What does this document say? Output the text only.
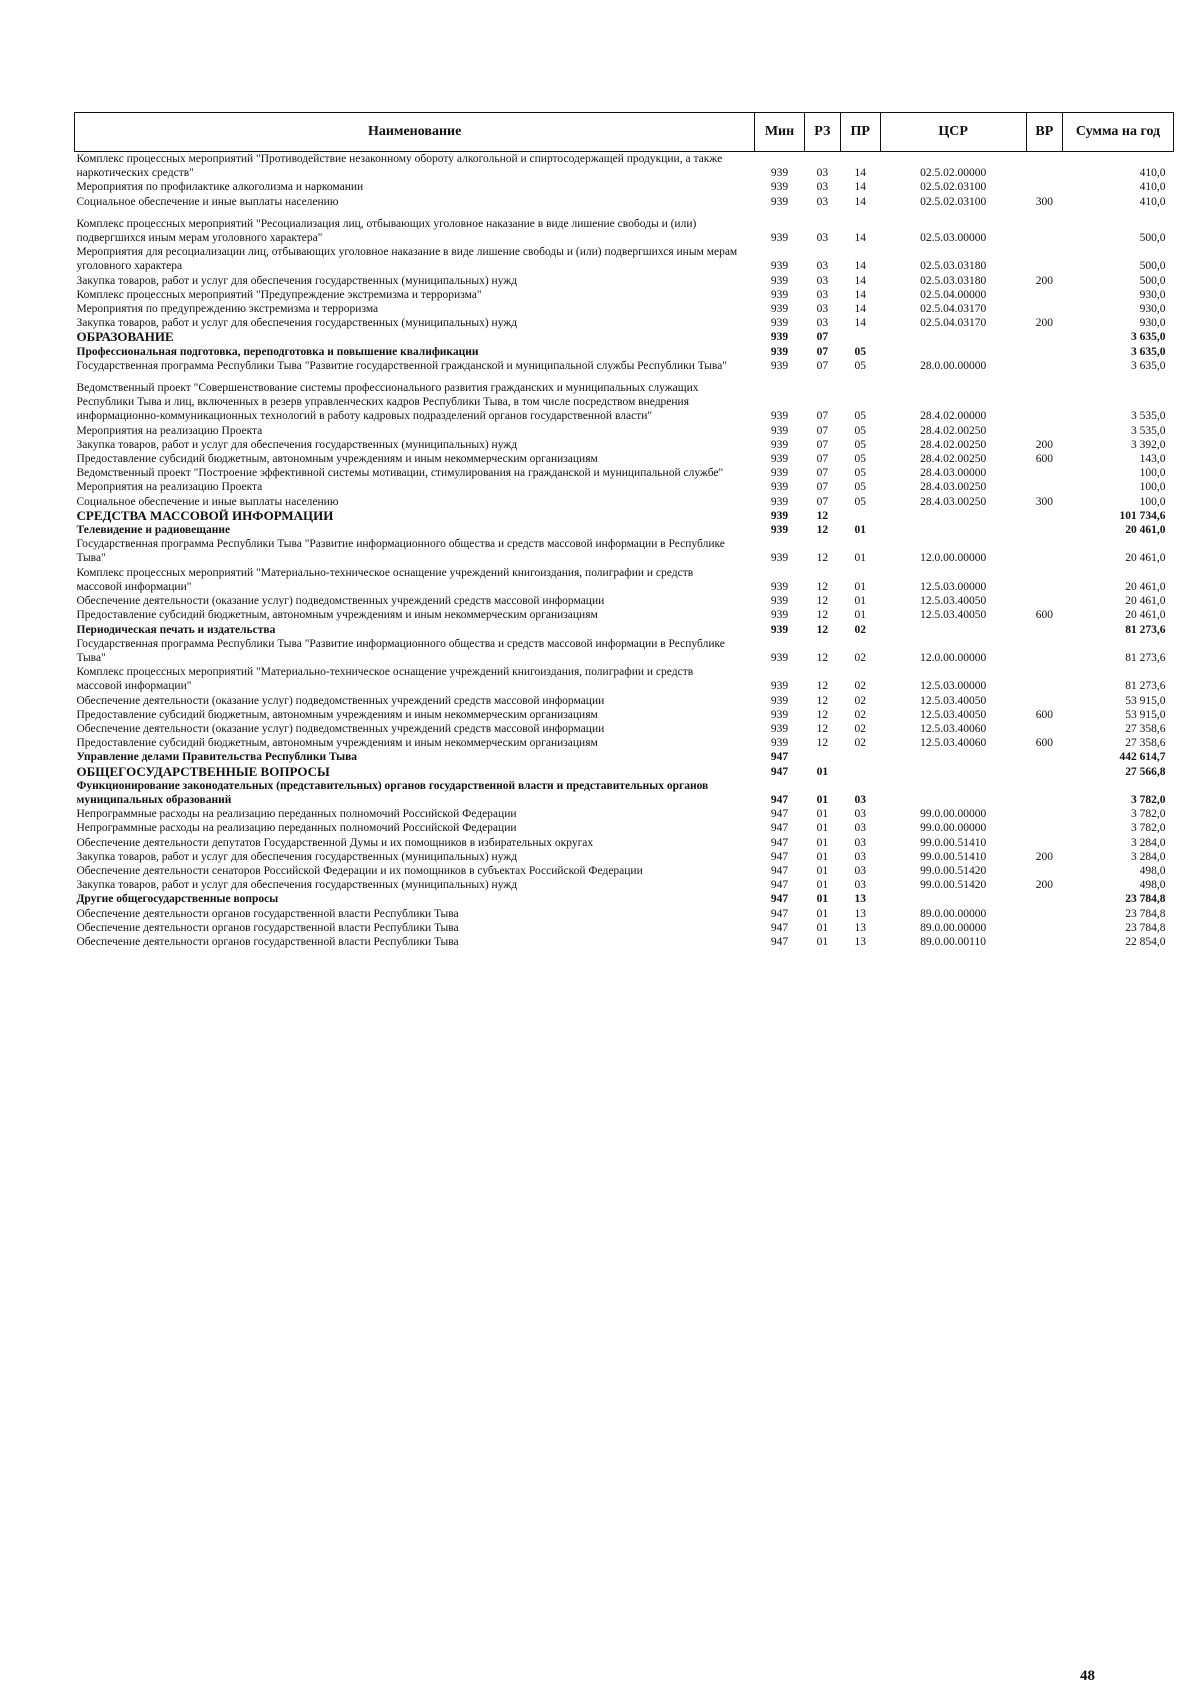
Наименование	Мин	РЗ	ПР	ЦСР	ВР	Сумма на год
Комплекс процессных мероприятий "Противодействие незаконному обороту алкогольной и спиртосодержащей продукции, а также наркотических средств"	939	03	14	02.5.02.00000		410,0
Мероприятия по профилактике алкоголизма и наркомании	939	03	14	02.5.02.03100		410,0
Социальное обеспечение и иные выплаты населению	939	03	14	02.5.02.03100	300	410,0
Комплекс процессных мероприятий "Ресоциализация лиц, отбывающих уголовное наказание в виде лишение свободы и (или) подвергшихся иным мерам уголовного характера"	939	03	14	02.5.03.00000		500,0
Мероприятия для ресоциализации лиц, отбывающих уголовное наказание в виде лишение свободы и (или) подвергшихся иным мерам уголовного характера	939	03	14	02.5.03.03180		500,0
Закупка товаров, работ и услуг для обеспечения государственных (муниципальных) нужд	939	03	14	02.5.03.03180	200	500,0
Комплекс процессных мероприятий "Предупреждение экстремизма и терроризма"	939	03	14	02.5.04.00000		930,0
Мероприятия по предупреждению экстремизма и терроризма	939	03	14	02.5.04.03170		930,0
Закупка товаров, работ и услуг для обеспечения государственных (муниципальных) нужд	939	03	14	02.5.04.03170	200	930,0
ОБРАЗОВАНИЕ	939	07				3 635,0
Профессиональная подготовка, переподготовка и повышение квалификации	939	07	05			3 635,0
Государственная программа Республики Тыва "Развитие государственной гражданской и муниципальной службы Республики Тыва"	939	07	05	28.0.00.00000		3 635,0
Ведомственный проект "Совершенствование системы профессионального развития гражданских и муниципальных служащих Республики Тыва и лиц, включенных в резерв управленческих кадров Республики Тыва, в том числе посредством внедрения информационно-коммуникационных технологий в работу кадровых подразделений органов государственной власти"	939	07	05	28.4.02.00000		3 535,0
Мероприятия на реализацию Проекта	939	07	05	28.4.02.00250		3 535,0
Закупка товаров, работ и услуг для обеспечения государственных (муниципальных) нужд	939	07	05	28.4.02.00250	200	3 392,0
Предоставление субсидий бюджетным, автономным учреждениям и иным некоммерческим организациям	939	07	05	28.4.02.00250	600	143,0
Ведомственный проект "Построение эффективной системы мотивации, стимулирования на гражданской и муниципальной службе"	939	07	05	28.4.03.00000		100,0
Мероприятия на реализацию Проекта	939	07	05	28.4.03.00250		100,0
Социальное обеспечение и иные выплаты населению	939	07	05	28.4.03.00250	300	100,0
СРЕДСТВА МАССОВОЙ ИНФОРМАЦИИ	939	12				101 734,6
Телевидение и радиовещание	939	12	01			20 461,0
Государственная программа Республики Тыва "Развитие информационного общества и средств массовой информации в Республике Тыва"	939	12	01	12.0.00.00000		20 461,0
Комплекс процессных мероприятий "Материально-техническое оснащение учреждений книгоиздания, полиграфии и средств массовой информации"	939	12	01	12.5.03.00000		20 461,0
Обеспечение деятельности (оказание услуг) подведомственных учреждений средств массовой информации	939	12	01	12.5.03.40050		20 461,0
Предоставление субсидий бюджетным, автономным учреждениям и иным некоммерческим организациям	939	12	01	12.5.03.40050	600	20 461,0
Периодическая печать и издательства	939	12	02			81 273,6
Государственная программа Республики Тыва "Развитие информационного общества и средств массовой информации в Республике Тыва"	939	12	02	12.0.00.00000		81 273,6
Комплекс процессных мероприятий "Материально-техническое оснащение учреждений книгоиздания, полиграфии и средств массовой информации"	939	12	02	12.5.03.00000		81 273,6
Обеспечение деятельности (оказание услуг) подведомственных учреждений средств массовой информации	939	12	02	12.5.03.40050		53 915,0
Предоставление субсидий бюджетным, автономным учреждениям и иным некоммерческим организациям	939	12	02	12.5.03.40050	600	53 915,0
Обеспечение деятельности (оказание услуг) подведомственных учреждений средств массовой информации	939	12	02	12.5.03.40060		27 358,6
Предоставление субсидий бюджетным, автономным учреждениям и иным некоммерческим организациям	939	12	02	12.5.03.40060	600	27 358,6
Управление делами Правительства Республики Тыва	947					442 614,7
ОБЩЕГОСУДАРСТВЕННЫЕ ВОПРОСЫ	947	01				27 566,8
Функционирование законодательных (представительных) органов государственной власти и представительных органов муниципальных образований	947	01	03			3 782,0
Непрограммные расходы на реализацию переданных полномочий Российской Федерации	947	01	03	99.0.00.00000		3 782,0
Непрограммные расходы на реализацию переданных полномочий Российской Федерации	947	01	03	99.0.00.00000		3 782,0
Обеспечение деятельности депутатов Государственной Думы и их помощников в избирательных округах	947	01	03	99.0.00.51410		3 284,0
Закупка товаров, работ и услуг для обеспечения государственных (муниципальных) нужд	947	01	03	99.0.00.51410	200	3 284,0
Обеспечение деятельности сенаторов Российской Федерации и их помощников в субъектах Российской Федерации	947	01	03	99.0.00.51420		498,0
Закупка товаров, работ и услуг для обеспечения государственных (муниципальных) нужд	947	01	03	99.0.00.51420	200	498,0
Другие общегосударственные вопросы	947	01	13			23 784,8
Обеспечение деятельности органов государственной власти Республики Тыва	947	01	13	89.0.00.00000		23 784,8
Обеспечение деятельности органов государственной власти Республики Тыва	947	01	13	89.0.00.00000		23 784,8
Обеспечение деятельности органов государственной власти Республики Тыва	947	01	13	89.0.00.00110		22 854,0
48
